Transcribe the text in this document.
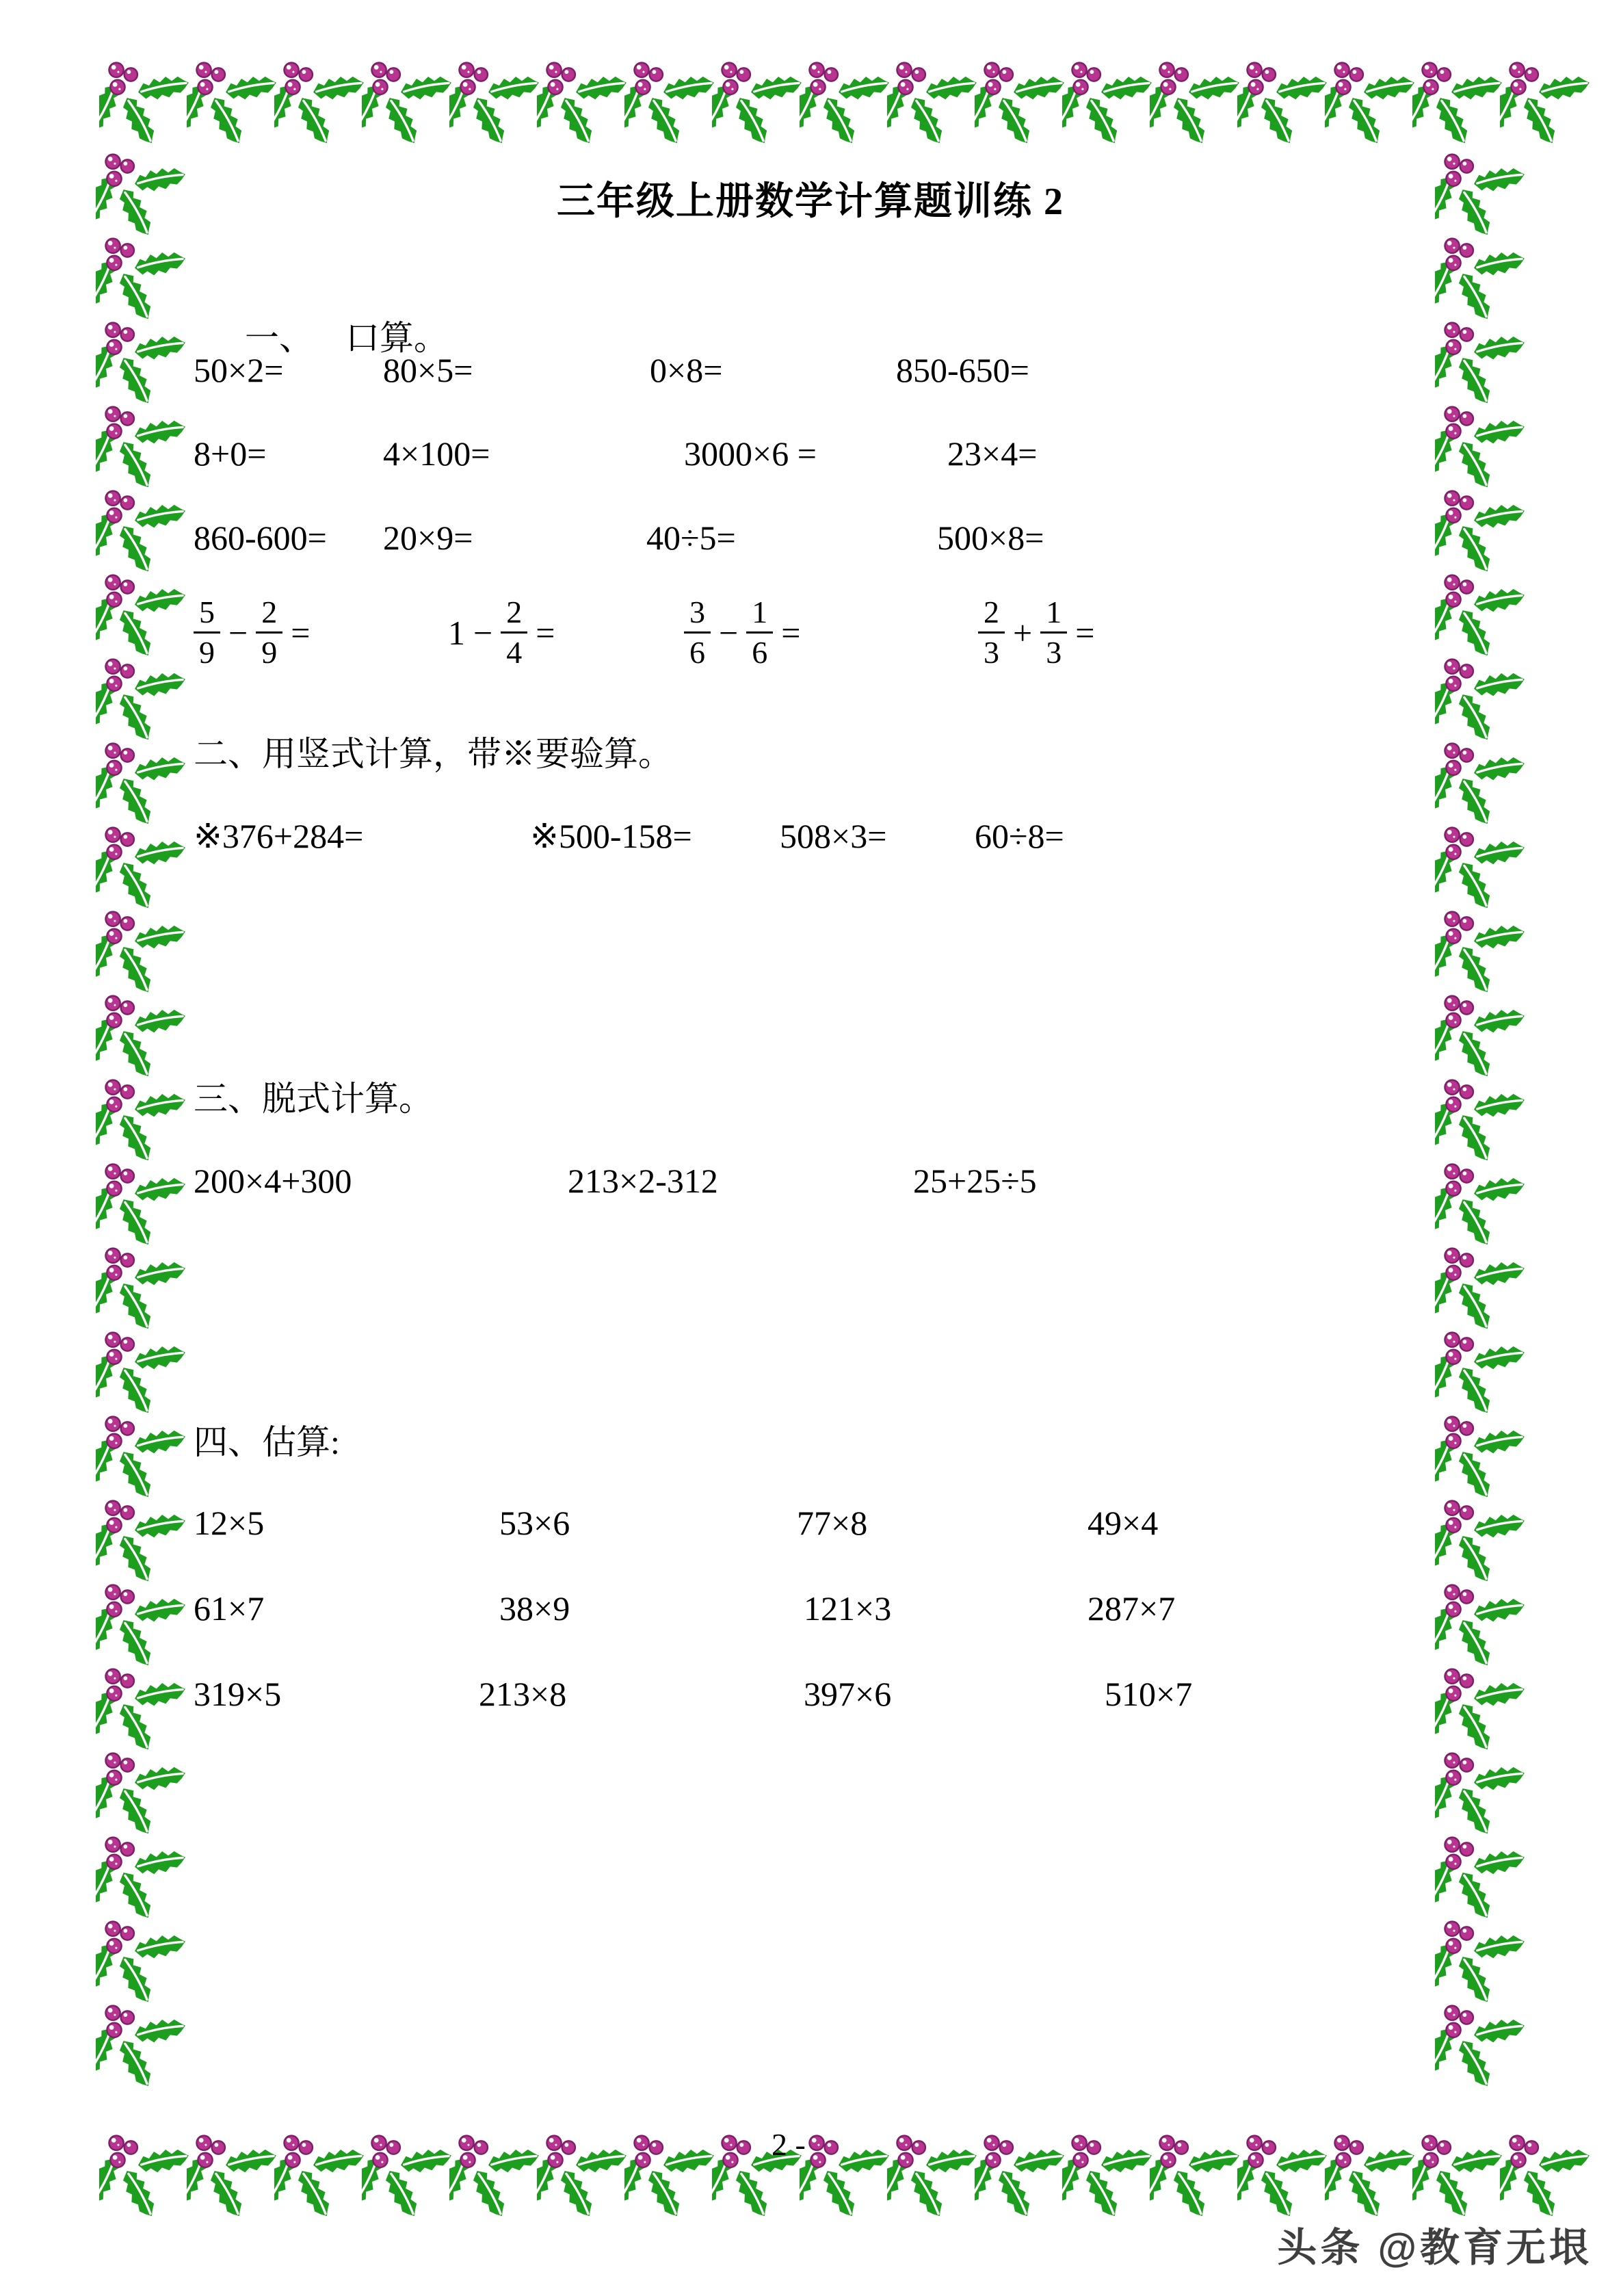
三年级上册数学计算题训练 2

一、 口算。

二、用竖式计算，带※要验算。
三、脱式计算。
四、估算:
2 -
头条 @教育无垠
50×2=	80×5=	0×8=	850-650=
8+0=	4×100=	3000×6 =	23×4=
860-600= 20×9=	40÷5=	500×8=
※376+284=	※500-158=	508×3=	60÷8=
200×4+300	213×2-312	25+25÷5
12×5	53×6	77×8	49×4
61×7	38×9	121×3	287×7
319×5	213×8	397×6	510×7
$\frac{5}{9} - \frac{2}{9}$ =	$1 - \frac{2}{4}$ =	$\frac{3}{6} - \frac{1}{6}$ =	$\frac{2}{3} + \frac{1}{3}$ =
